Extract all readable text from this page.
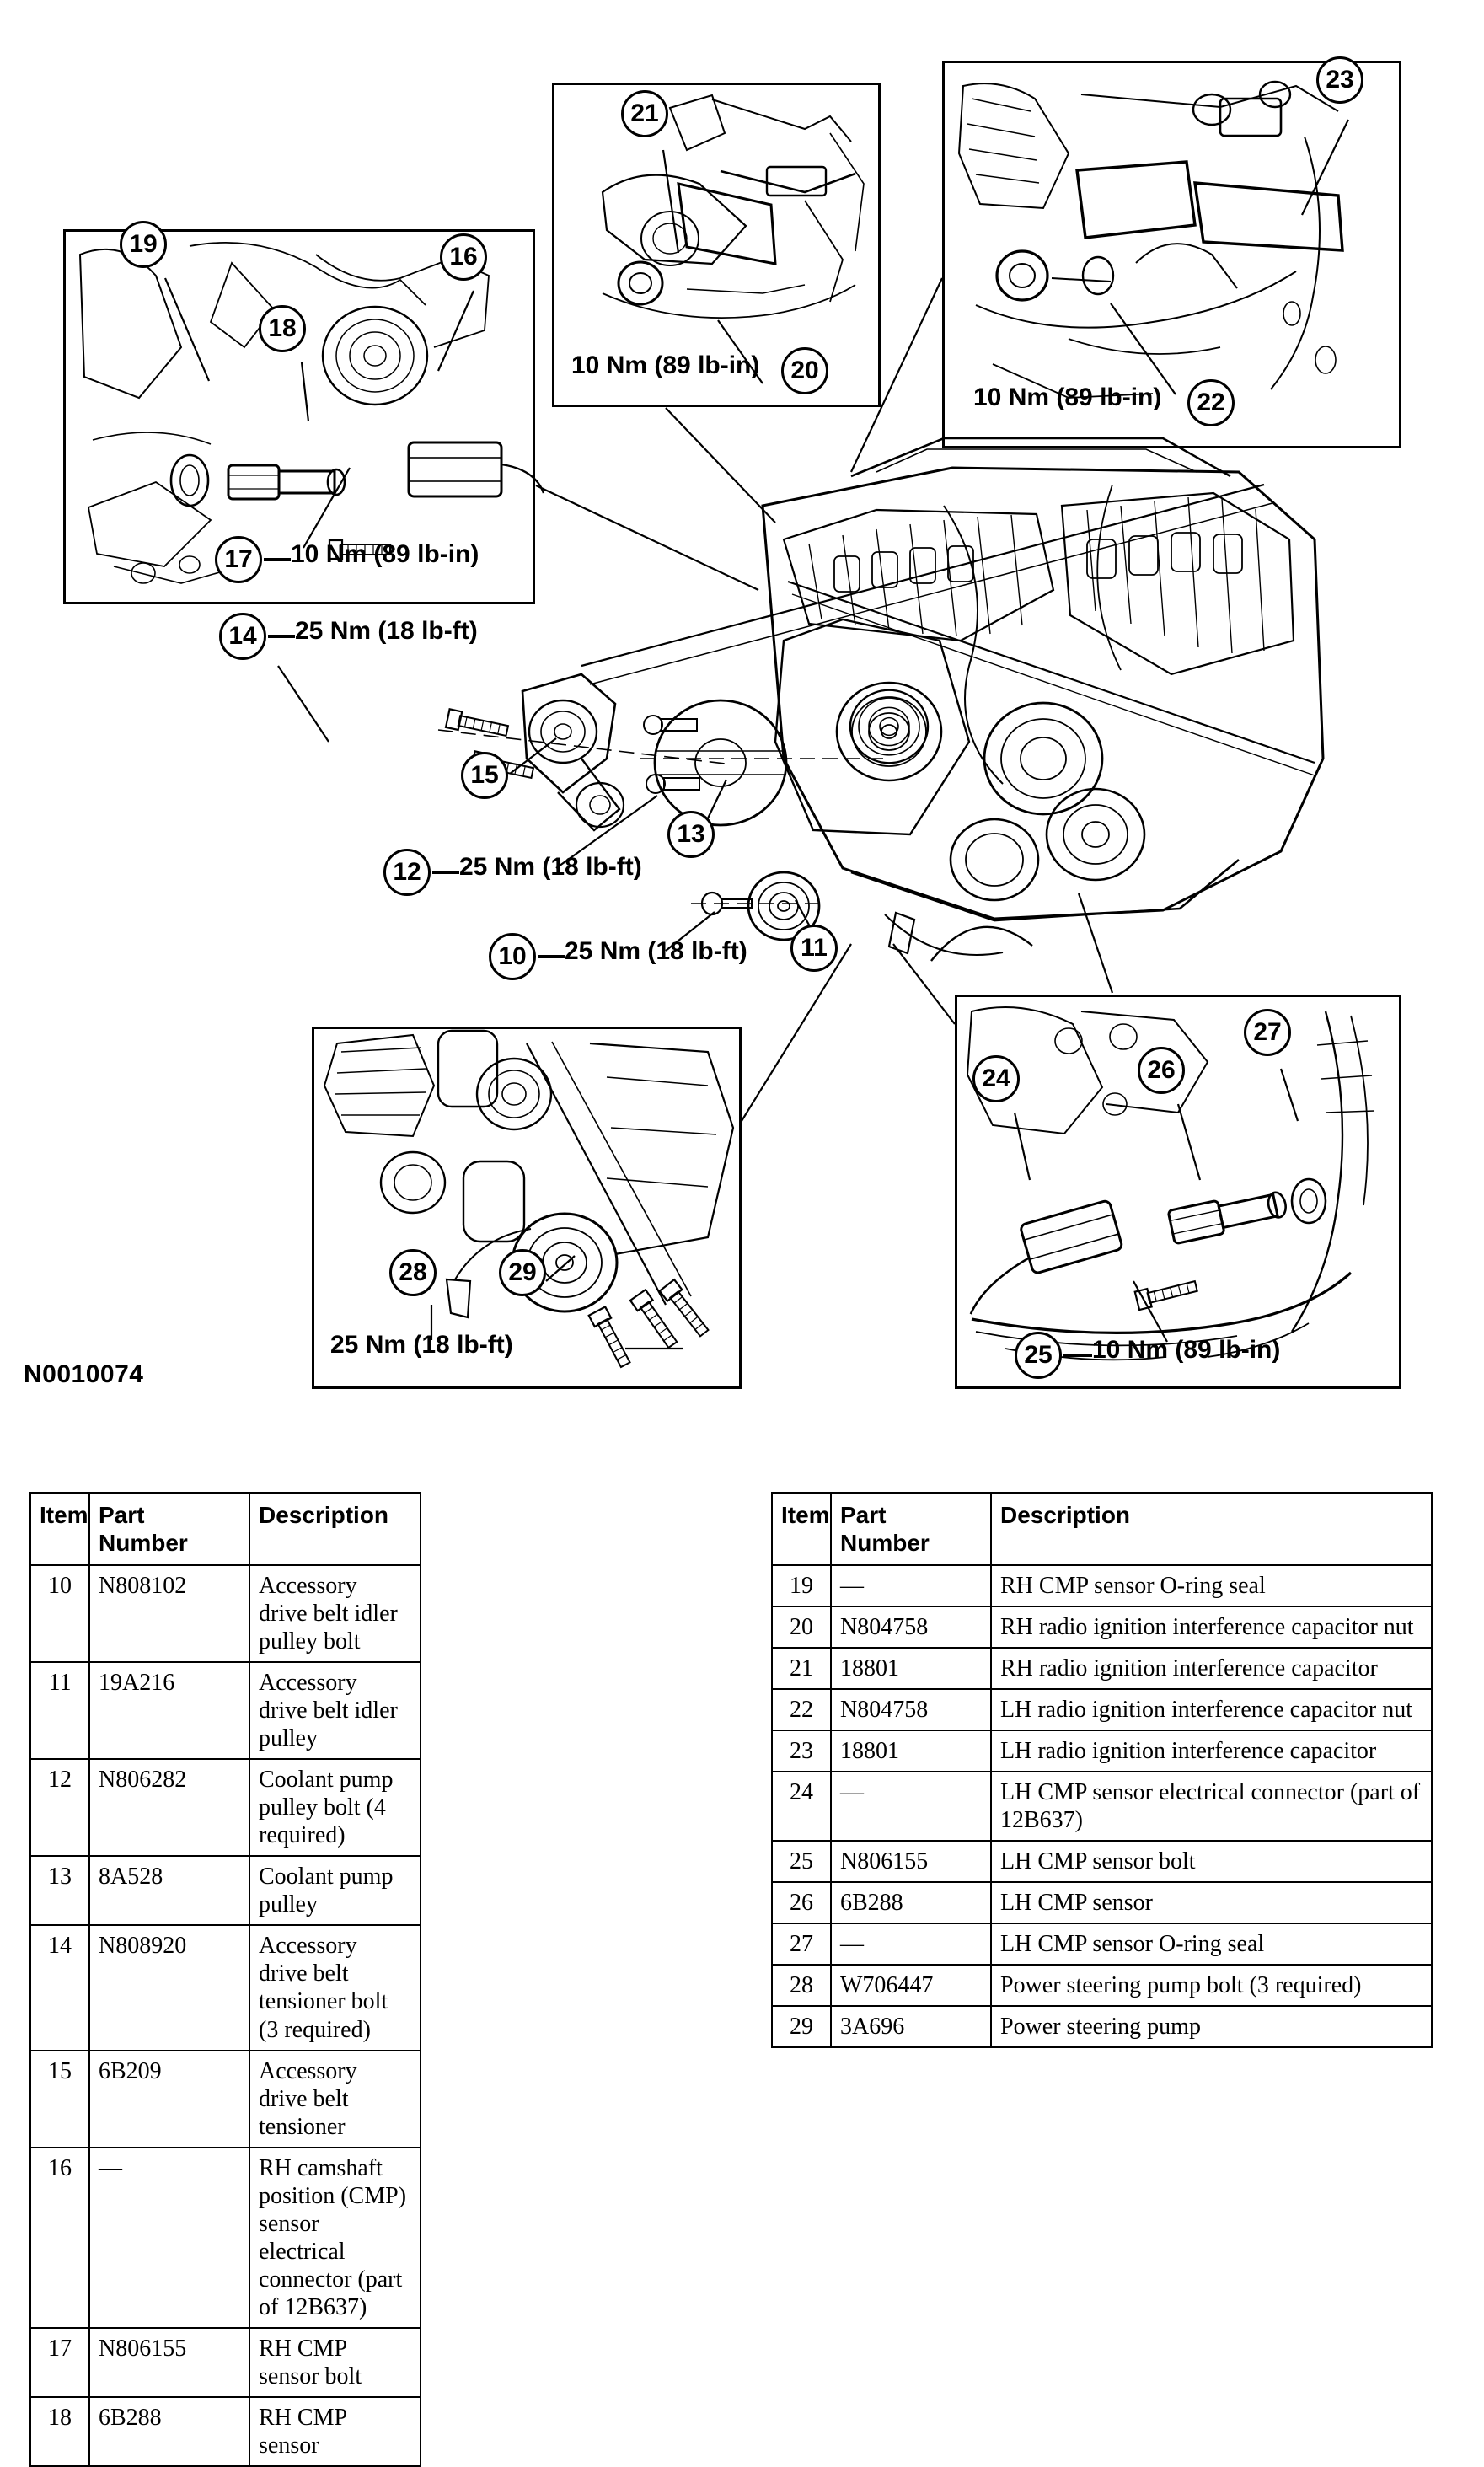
19	16
18
17
21
20
23
22
14
15
13
12
10	11
28	29
24	26
27
25
10 Nm (89 lb-in)
10 Nm (89 lb-in)
10 Nm (89 lb-in)
25 Nm (18 lb-ft)
25 Nm (18 lb-ft)
25 Nm (18 lb-ft)
25 Nm (18 lb-ft)	10 Nm (89 lb-in)
N0010074
Item	Part Number	Description
10	N808102	Accessory drive belt idler pulley bolt
11	19A216	Accessory drive belt idler pulley
12	N806282	Coolant pump pulley bolt (4 required)
13	8A528	Coolant pump pulley
14	N808920	Accessory drive belt tensioner bolt (3 required)
15	6B209	Accessory drive belt tensioner
16	—	RH camshaft position (CMP) sensor electrical connector (part of 12B637)
17	N806155	RH CMP sensor bolt
18	6B288	RH CMP sensor
Item	Part Number	Description
19	—	RH CMP sensor O-ring seal
20	N804758	RH radio ignition interference capacitor nut
21	18801	RH radio ignition interference capacitor
22	N804758	LH radio ignition interference capacitor nut
23	18801	LH radio ignition interference capacitor
24	—	LH CMP sensor electrical connector (part of 12B637)
25	N806155	LH CMP sensor bolt
26	6B288	LH CMP sensor
27	—	LH CMP sensor O-ring seal
28	W706447	Power steering pump bolt (3 required)
29	3A696	Power steering pump
